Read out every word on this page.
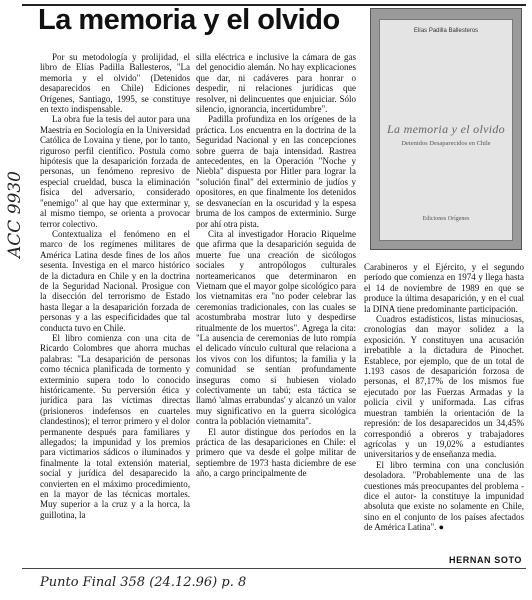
La memoria y el olvido
ACC 9930

Por su metodología y prolijidad, el libro de Elías Padilla Ballesteros, "La memoria y el olvido" (Detenidos desaparecidos en Chile) Ediciones Orígenes, Santiago, 1995, se constituye en texto indispensable.

La obra fue la tesis del autor para una Maestría en Sociología en la Universidad Católica de Lovaina y tiene, por lo tanto, riguroso perfil científico. Postula como hipótesis que la desaparición forzada de personas, un fenómeno represivo de especial crueldad, busca la eliminación física del adversario, considerado "enemigo" al que hay que exterminar y, al mismo tiempo, se orienta a provocar terror colectivo.

Contextualiza el fenómeno en el marco de los regímenes militares de América Latina desde fines de los años sesenta. Investiga en el marco histórico de la dictadura en Chile y en la doctrina de la Seguridad Nacional. Prosigue con la disección del terrorismo de Estado hasta llegar a la desaparición forzada de personas y a las especificidades que tal conducta tuvo en Chile.

El libro comienza con una cita de Ricardo Colombres que ahorra muchas palabras: "La desaparición de personas como técnica planificada de tormento y exterminio supera todo lo conocido históricamente. Su perversión ética y jurídica para las víctimas directas (prisioneros indefensos en cuarteles clandestinos); el terror primero y el dolor permanente después para familiares y allegados; la impunidad y los premios para victimarios sádicos o iluminados y finalmente la total extensión material, social y jurídica del desaparecido la convierten en el máximo procedimiento, en la mayor de las técnicas mortales. Muy superior a la cruz y a la horca, la guillotina, la

silla eléctrica e inclusive la cámara de gas del genocidio alemán. No hay explicaciones que dar, ni cadáveres para honrar o despedir, ni relaciones jurídicas que resolver, ni delincuentes que enjuiciar. Sólo silencio, ignorancia, incertidumbre".

Padilla profundiza en los orígenes de la práctica. Los encuentra en la doctrina de la Seguridad Nacional y en las concepciones sobre guerra de baja intensidad. Rastrea antecedentes, en la Operación "Noche y Niebla" dispuesta por Hitler para lograr la "solución final" del exterminio de judíos y opositores, en que finalmente los detenidos se desvanecían en la oscuridad y la espesa bruma de los campos de exterminio. Surge por ahí otra pista.

Cita al investigador Horacio Riquelme que afirma que la desaparición seguida de muerte fue una creación de sicólogos sociales y antropólogos culturales norteamericanos que determinaron en Vietnam que el mayor golpe sicológico para los vietnamitas era "no poder celebrar las ceremonias tradicionales, con las cuales se acostumbraba mostrar luto y despedirse ritualmente de los muertos". Agrega la cita: "La ausencia de ceremonias de luto rompía el delicado vínculo cultural que relaciona a los vivos con los difuntos; la familia y la comunidad se sentían profundamente inseguras como si hubiesen violado colectivamente un tabú; esta táctica se llamó 'almas errabundas' y alcanzó un valor muy significativo en la guerra sicológica contra la población vietnamita".

El autor distingue dos períodos en la práctica de las desapariciones en Chile: el primero que va desde el golpe militar de septiembre de 1973 hasta diciembre de ese año, a cargo principalmente de

Elías Padilla Ballesteros
La memoria y el olvido
Detenidos Desaparecidos en Chile
Ediciones Orígenes

Carabineros y el Ejército, y el segundo período que comienza en 1974 y llega hasta el 14 de noviembre de 1989 en que se produce la última desaparición, y en el cual la DINA tiene predominante participación.

Cuadros estadísticos, listas minuciosas, cronologías dan mayor solidez a la exposición. Y constituyen una acusación irrebatible a la dictadura de Pinochet. Establece, por ejemplo, que de un total de 1.193 casos de desaparición forzosa de personas, el 87,17% de los mismos fue ejecutado por las Fuerzas Armadas y la policía civil y uniformada. Las cifras muestran también la orientación de la represión: de los desaparecidos un 34,45% correspondió a obreros y trabajadores agrícolas y un 19,02% a estudiantes universitarios y de enseñanza media.

El libro termina con una conclusión desoladora. "Probablemente una de las cuestiones más preocupantes del problema -dice el autor- la constituye la impunidad absoluta que existe no solamente en Chile, sino en el conjunto de los países afectados de América Latina". ●

HERNAN SOTO

Punto Final 358 (24.12.96) p. 8
